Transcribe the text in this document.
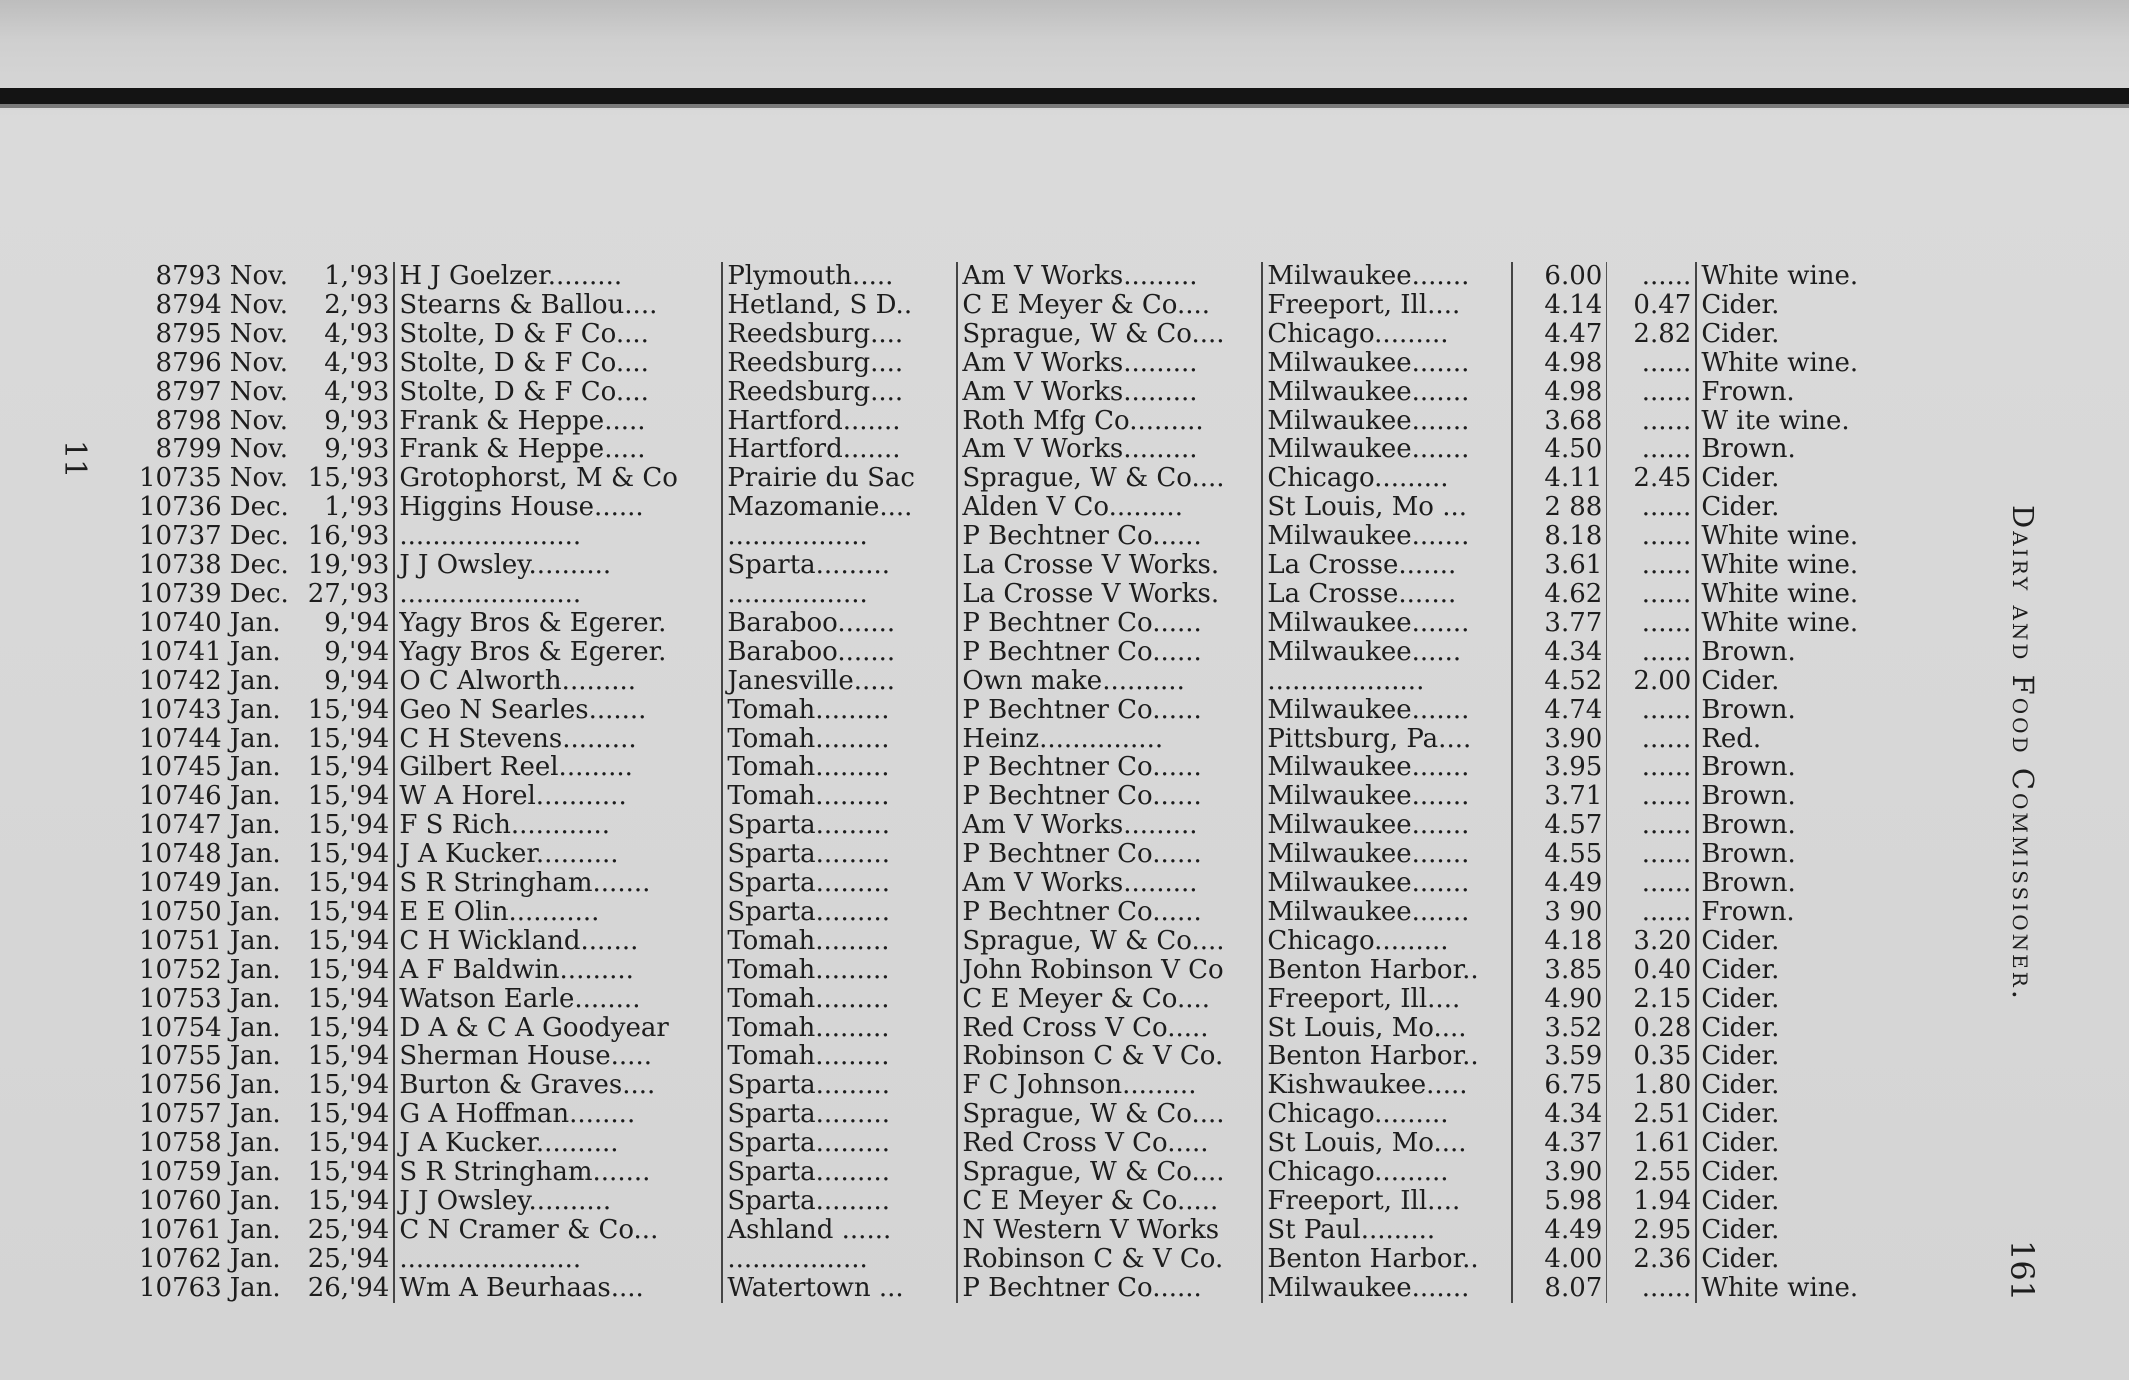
11
Dairy and Food Commissioner.
161
8793	Nov.	1,'93	H J Goelzer.........	Plymouth.....	Am V Works.........	Milwaukee.......	6.00	......	White wine.
8794	Nov.	2,'93	Stearns & Ballou....	Hetland, S D..	C E Meyer & Co....	Freeport, Ill....	4.14	0.47	Cider.
8795	Nov.	4,'93	Stolte, D & F Co....	Reedsburg....	Sprague, W & Co....	Chicago.........	4.47	2.82	Cider.
8796	Nov.	4,'93	Stolte, D & F Co....	Reedsburg....	Am V Works.........	Milwaukee.......	4.98	......	White wine.
8797	Nov.	4,'93	Stolte, D & F Co....	Reedsburg....	Am V Works.........	Milwaukee.......	4.98	......	Frown.
8798	Nov.	9,'93	Frank & Heppe.....	Hartford.......	Roth Mfg Co.........	Milwaukee.......	3.68	......	W ite wine.
8799	Nov.	9,'93	Frank & Heppe.....	Hartford.......	Am V Works.........	Milwaukee.......	4.50	......	Brown.
10735	Nov.	15,'93	Grotophorst, M & Co	Prairie du Sac	Sprague, W & Co....	Chicago.........	4.11	2.45	Cider.
10736	Dec.	1,'93	Higgins House......	Mazomanie....	Alden V Co.........	St Louis, Mo ...	2 88	......	Cider.
10737	Dec.	16,'93	......................	.................	P Bechtner Co......	Milwaukee.......	8.18	......	White wine.
10738	Dec.	19,'93	J J Owsley..........	Sparta.........	La Crosse V Works.	La Crosse.......	3.61	......	White wine.
10739	Dec.	27,'93	......................	.................	La Crosse V Works.	La Crosse.......	4.62	......	White wine.
10740	Jan.	9,'94	Yagy Bros & Egerer.	Baraboo.......	P Bechtner Co......	Milwaukee.......	3.77	......	White wine.
10741	Jan.	9,'94	Yagy Bros & Egerer.	Baraboo.......	P Bechtner Co......	Milwaukee......	4.34	......	Brown.
10742	Jan.	9,'94	O C Alworth.........	Janesville.....	Own make..........	...................	4.52	2.00	Cider.
10743	Jan.	15,'94	Geo N Searles.......	Tomah.........	P Bechtner Co......	Milwaukee.......	4.74	......	Brown.
10744	Jan.	15,'94	C H Stevens.........	Tomah.........	Heinz...............	Pittsburg, Pa....	3.90	......	Red.
10745	Jan.	15,'94	Gilbert Reel.........	Tomah.........	P Bechtner Co......	Milwaukee.......	3.95	......	Brown.
10746	Jan.	15,'94	W A Horel...........	Tomah.........	P Bechtner Co......	Milwaukee.......	3.71	......	Brown.
10747	Jan.	15,'94	F S Rich............	Sparta.........	Am V Works.........	Milwaukee.......	4.57	......	Brown.
10748	Jan.	15,'94	J A Kucker..........	Sparta.........	P Bechtner Co......	Milwaukee.......	4.55	......	Brown.
10749	Jan.	15,'94	S R Stringham.......	Sparta.........	Am V Works.........	Milwaukee.......	4.49	......	Brown.
10750	Jan.	15,'94	E E Olin...........	Sparta.........	P Bechtner Co......	Milwaukee.......	3 90	......	Frown.
10751	Jan.	15,'94	C H Wickland.......	Tomah.........	Sprague, W & Co....	Chicago.........	4.18	3.20	Cider.
10752	Jan.	15,'94	A F Baldwin.........	Tomah.........	John Robinson V Co	Benton Harbor..	3.85	0.40	Cider.
10753	Jan.	15,'94	Watson Earle........	Tomah.........	C E Meyer & Co....	Freeport, Ill....	4.90	2.15	Cider.
10754	Jan.	15,'94	D A & C A Goodyear	Tomah.........	Red Cross V Co.....	St Louis, Mo....	3.52	0.28	Cider.
10755	Jan.	15,'94	Sherman House.....	Tomah.........	Robinson C & V Co.	Benton Harbor..	3.59	0.35	Cider.
10756	Jan.	15,'94	Burton & Graves....	Sparta.........	F C Johnson.........	Kishwaukee.....	6.75	1.80	Cider.
10757	Jan.	15,'94	G A Hoffman........	Sparta.........	Sprague, W & Co....	Chicago.........	4.34	2.51	Cider.
10758	Jan.	15,'94	J A Kucker..........	Sparta.........	Red Cross V Co.....	St Louis, Mo....	4.37	1.61	Cider.
10759	Jan.	15,'94	S R Stringham.......	Sparta.........	Sprague, W & Co....	Chicago.........	3.90	2.55	Cider.
10760	Jan.	15,'94	J J Owsley..........	Sparta.........	C E Meyer & Co.....	Freeport, Ill....	5.98	1.94	Cider.
10761	Jan.	25,'94	C N Cramer & Co...	Ashland ......	N Western V Works	St Paul.........	4.49	2.95	Cider.
10762	Jan.	25,'94	......................	.................	Robinson C & V Co.	Benton Harbor..	4.00	2.36	Cider.
10763	Jan.	26,'94	Wm A Beurhaas....	Watertown ...	P Bechtner Co......	Milwaukee.......	8.07	......	White wine.
